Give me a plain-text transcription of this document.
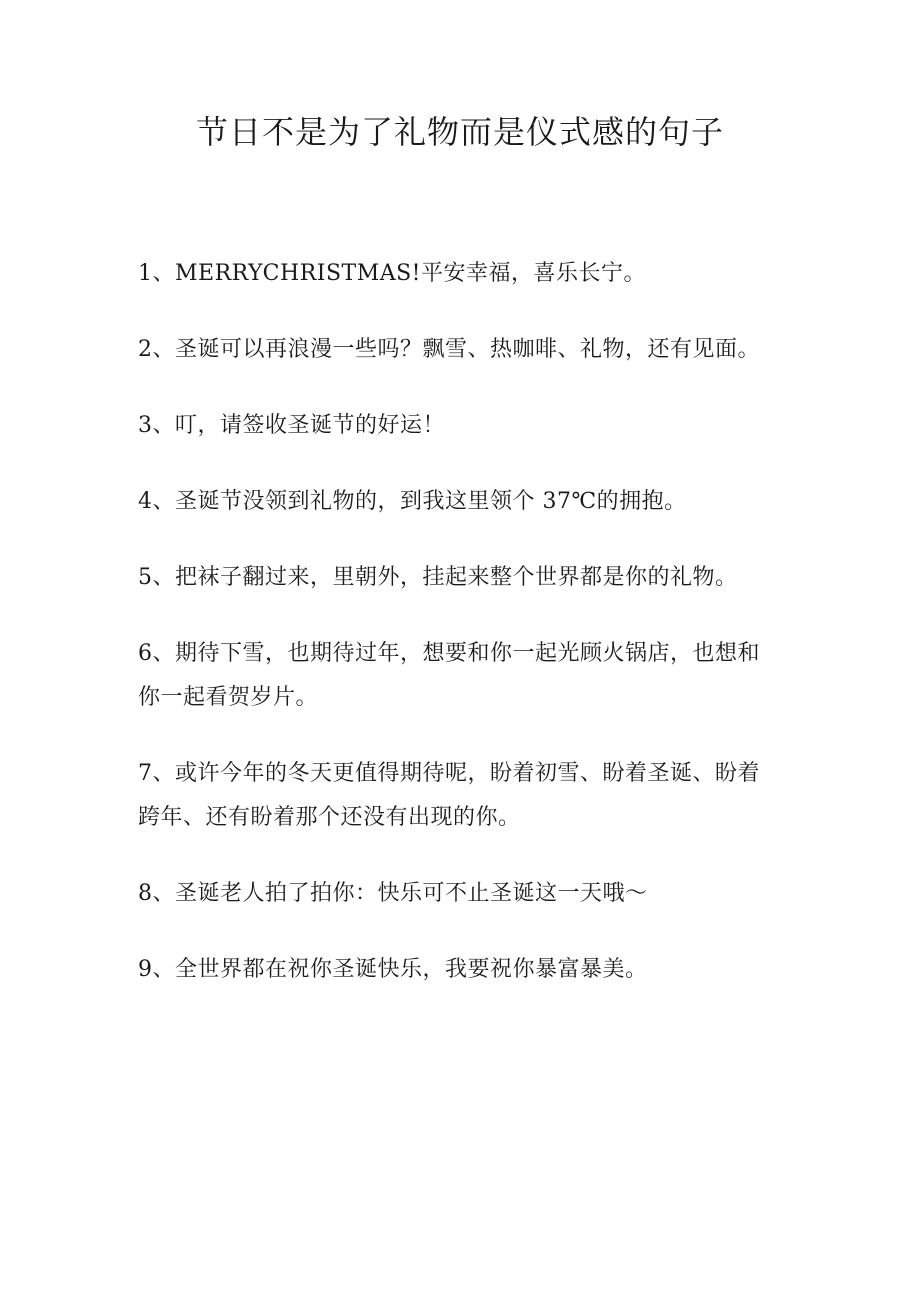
节日不是为了礼物而是仪式感的句子
1、MERRYCHRISTMAS!平安幸福，喜乐长宁。
2、圣诞可以再浪漫一些吗？飘雪、热咖啡、礼物，还有见面。
3、叮，请签收圣诞节的好运！
4、圣诞节没领到礼物的，到我这里领个 37℃的拥抱。
5、把袜子翻过来，里朝外，挂起来整个世界都是你的礼物。
6、期待下雪，也期待过年，想要和你一起光顾火锅店，也想和你一起看贺岁片。
7、或许今年的冬天更值得期待呢，盼着初雪、盼着圣诞、盼着跨年、还有盼着那个还没有出现的你。
8、圣诞老人拍了拍你：快乐可不止圣诞这一天哦～
9、全世界都在祝你圣诞快乐，我要祝你暴富暴美。
